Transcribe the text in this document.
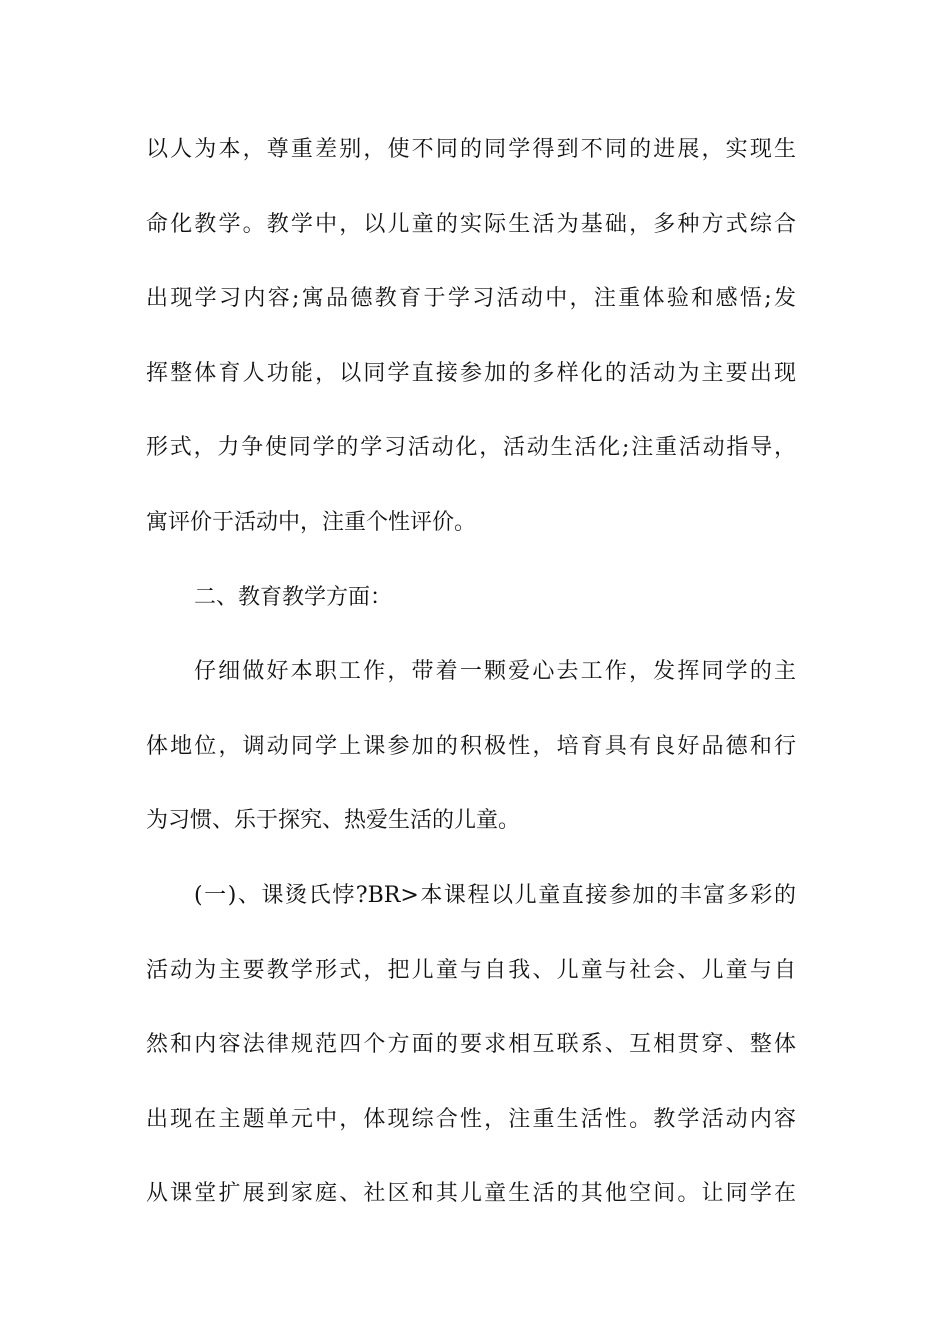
以人为本，尊重差别，使不同的同学得到不同的进展，实现生
命化教学。教学中，以儿童的实际生活为基础，多种方式综合
出现学习内容;寓品德教育于学习活动中，注重体验和感悟;发
挥整体育人功能，以同学直接参加的多样化的活动为主要出现
形式，力争使同学的学习活动化，活动生活化;注重活动指导，
寓评价于活动中，注重个性评价。
二、教育教学方面：
仔细做好本职工作，带着一颗爱心去工作，发挥同学的主
体地位，调动同学上课参加的积极性，培育具有良好品德和行
为习惯、乐于探究、热爱生活的儿童。
(一)、课烫氏悖?BR>本课程以儿童直接参加的丰富多彩的
活动为主要教学形式，把儿童与自我、儿童与社会、儿童与自
然和内容法律规范四个方面的要求相互联系、互相贯穿、整体
出现在主题单元中，体现综合性，注重生活性。教学活动内容
从课堂扩展到家庭、社区和其儿童生活的其他空间。让同学在
